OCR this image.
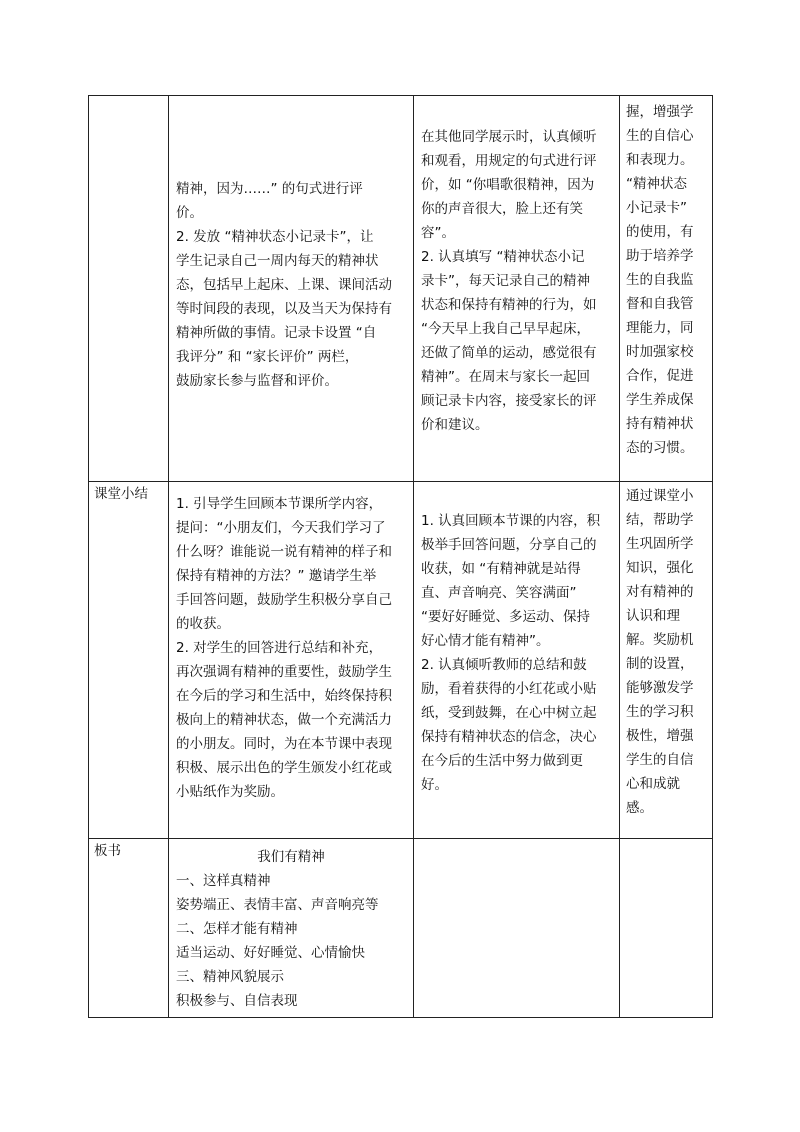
精神，因为……” 的句式进行评
价。
2. 发放 “精神状态小记录卡”，让
学生记录自己一周内每天的精神状
态，包括早上起床、上课、课间活动
等时间段的表现，以及当天为保持有
精神所做的事情。记录卡设置 “自
我评分” 和 “家长评价” 两栏，
鼓励家长参与监督和评价。
在其他同学展示时，认真倾听
和观看，用规定的句式进行评
价，如 “你唱歌很精神，因为
你的声音很大，脸上还有笑
容”。
2. 认真填写 “精神状态小记
录卡”，每天记录自己的精神
状态和保持有精神的行为，如
“今天早上我自己早早起床，
还做了简单的运动，感觉很有
精神”。在周末与家长一起回
顾记录卡内容，接受家长的评
价和建议。
握，增强学
生的自信心
和表现力。
“精神状态
小记录卡”
的使用，有
助于培养学
生的自我监
督和自我管
理能力，同
时加强家校
合作，促进
学生养成保
持有精神状
态的习惯。
课堂小结
1. 引导学生回顾本节课所学内容，
提问：“小朋友们，今天我们学习了
什么呀？谁能说一说有精神的样子和
保持有精神的方法？” 邀请学生举
手回答问题，鼓励学生积极分享自己
的收获。
2. 对学生的回答进行总结和补充，
再次强调有精神的重要性，鼓励学生
在今后的学习和生活中，始终保持积
极向上的精神状态，做一个充满活力
的小朋友。同时，为在本节课中表现
积极、展示出色的学生颁发小红花或
小贴纸作为奖励。
1. 认真回顾本节课的内容，积
极举手回答问题，分享自己的
收获，如 “有精神就是站得
直、声音响亮、笑容满面”
“要好好睡觉、多运动、保持
好心情才能有精神”。
2. 认真倾听教师的总结和鼓
励，看着获得的小红花或小贴
纸，受到鼓舞，在心中树立起
保持有精神状态的信念，决心
在今后的生活中努力做到更
好。
通过课堂小
结，帮助学
生巩固所学
知识，强化
对有精神的
认识和理
解。奖励机
制的设置，
能够激发学
生的学习积
极性，增强
学生的自信
心和成就
感。
板书	我们有精神
一、这样真精神
姿势端正、表情丰富、声音响亮等
二、怎样才能有精神
适当运动、好好睡觉、心情愉快
三、精神风貌展示
积极参与、自信表现
